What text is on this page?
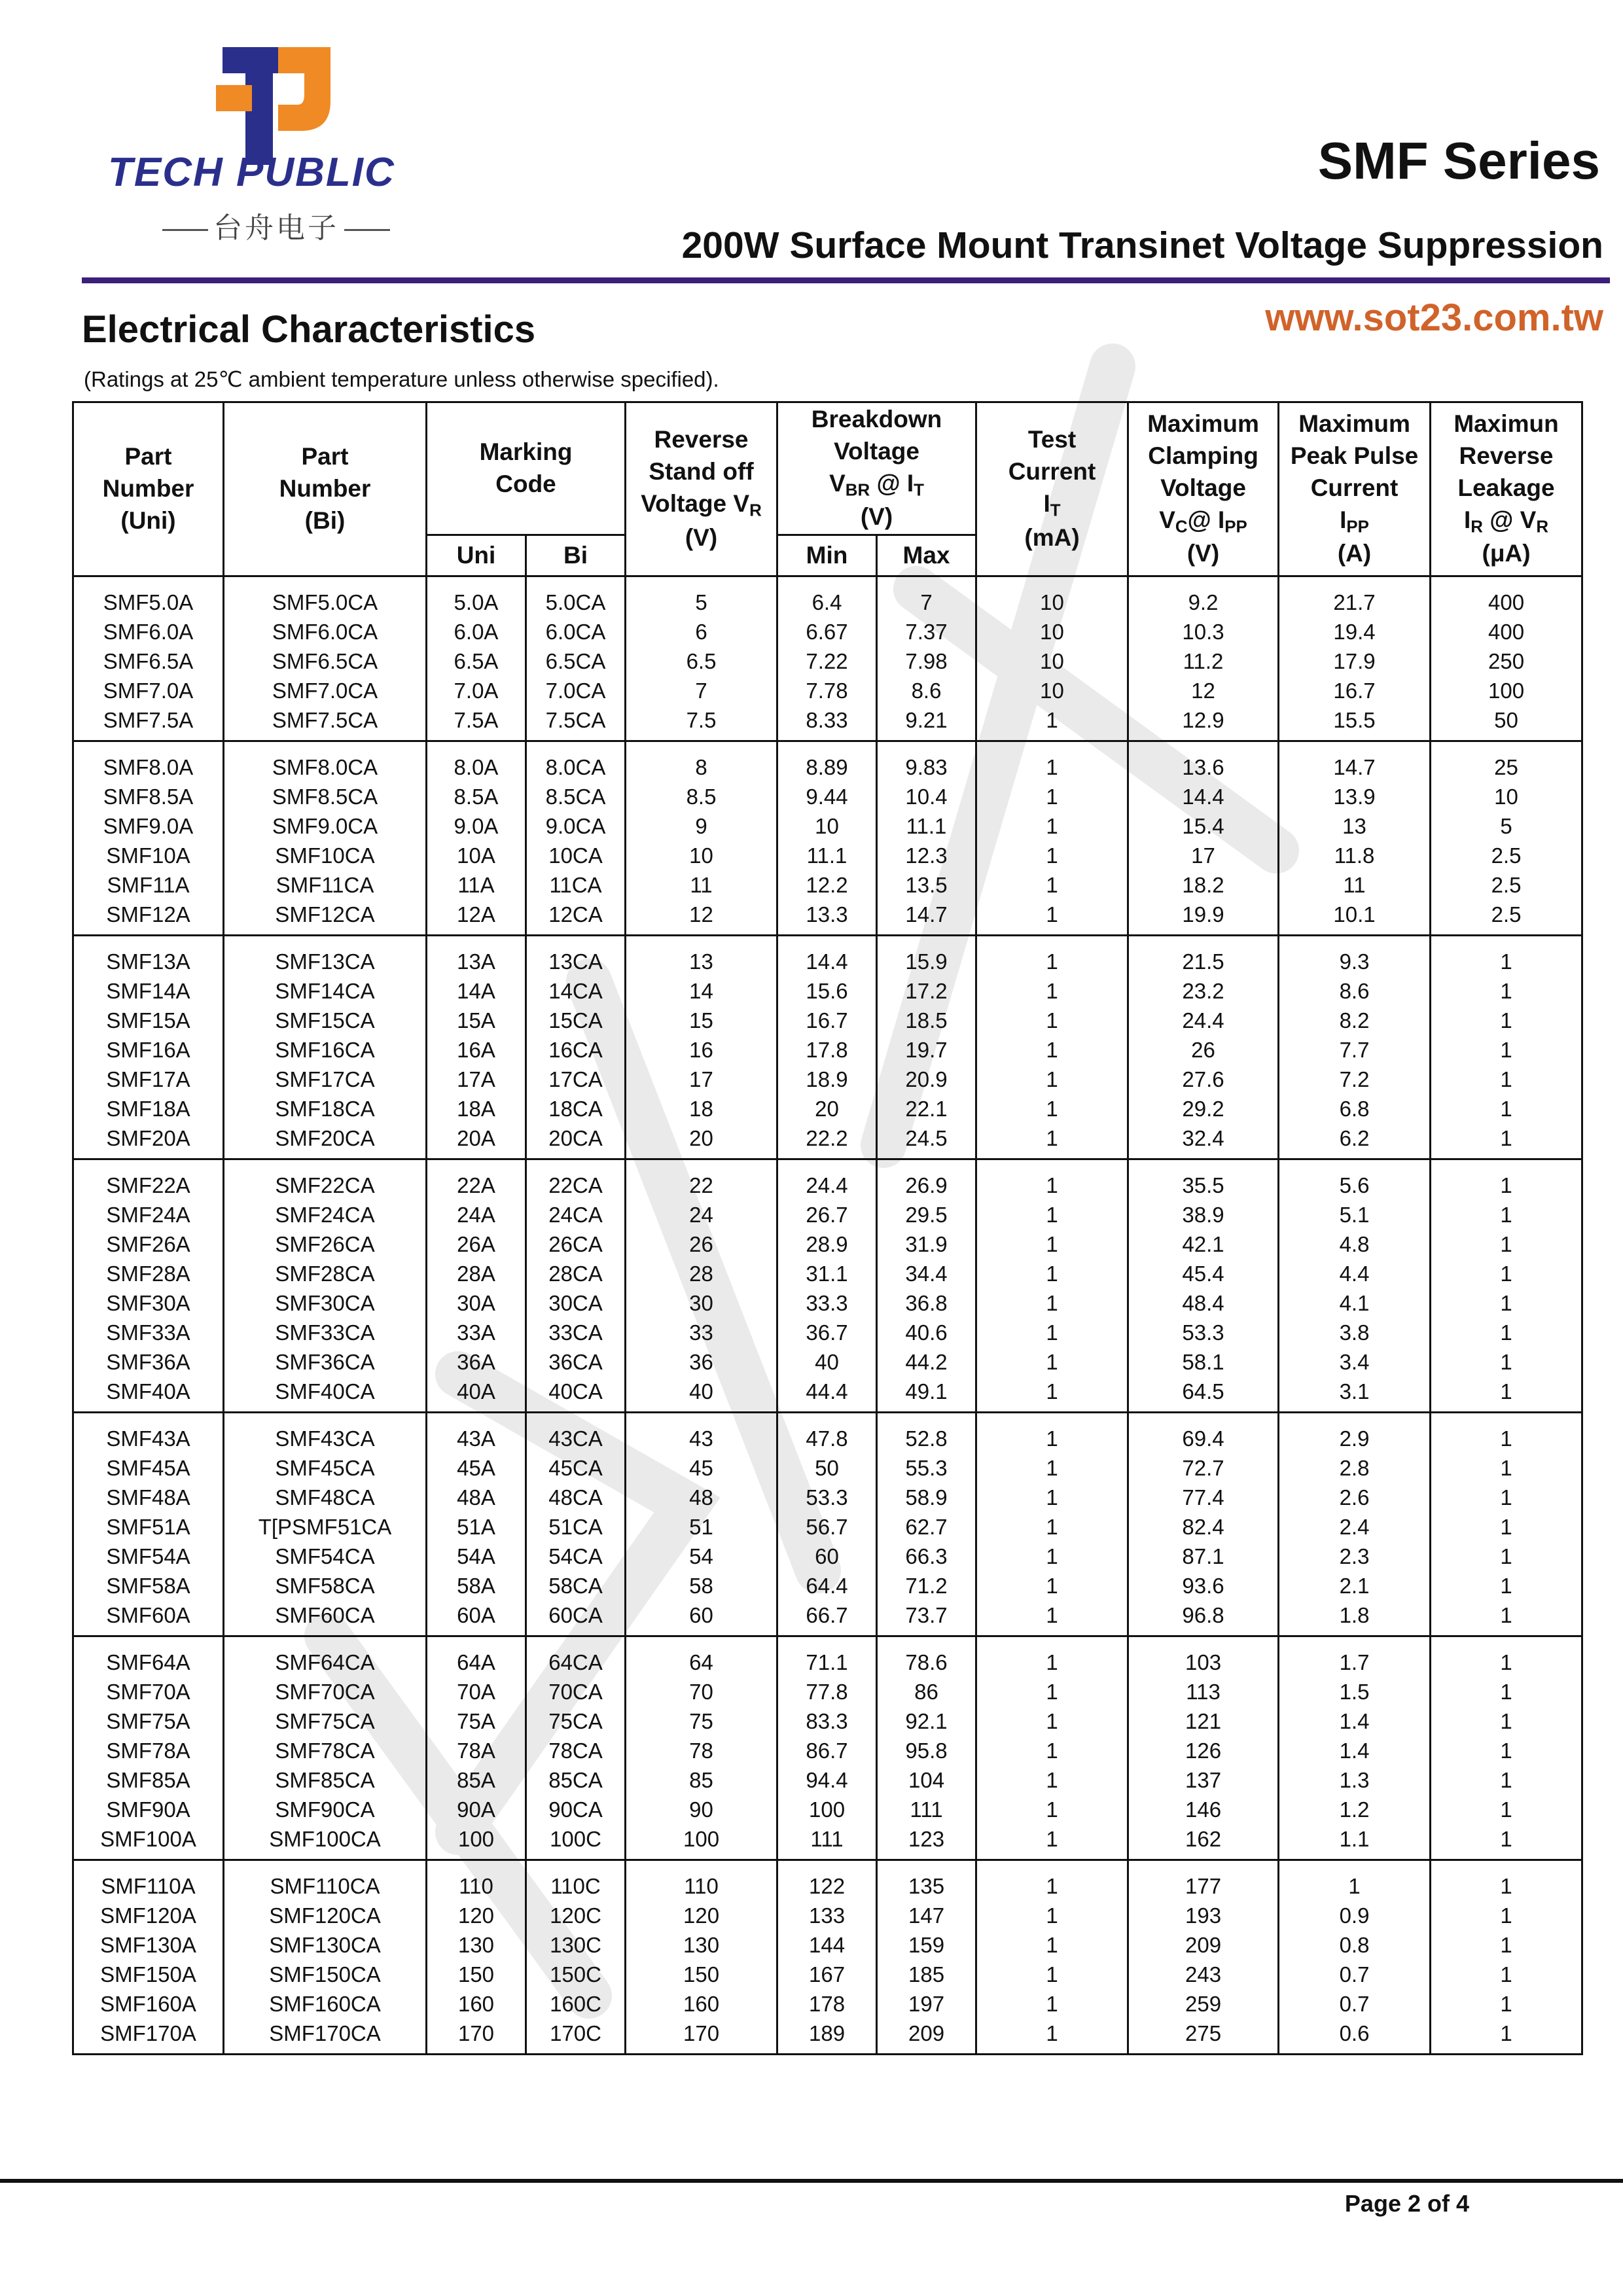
TECH PUBLIC
台舟电子
SMF Series
200W Surface Mount Transinet Voltage Suppression
Electrical Characteristics	www.sot23.com.tw
(Ratings at 25℃ ambient temperature unless otherwise specified).
Part
Number
(Uni)	Part
Number
(Bi)	Marking
Code		Reverse
Stand off
Voltage $V_R$
(V)	Breakdown
Voltage
$V_{BR}$ @ $I_T$
(V)		Test
Current
$I_T$
(mA)	Maximum
Clamping
Voltage
$V_C@$ $I_{PP}$
(V)	Maximum
Peak Pulse
Current
$I_{PP}$
(A)	Maximun
Reverse
Leakage
$I_R$ @ $V_R$
(μA)
		Uni	Bi		Min	Max				
SMF5.0A	SMF5.0CA	5.0A	5.0CA	5	6.4	7	10	9.2	21.7	400
SMF6.0A	SMF6.0CA	6.0A	6.0CA	6	6.67	7.37	10	10.3	19.4	400
SMF6.5A	SMF6.5CA	6.5A	6.5CA	6.5	7.22	7.98	10	11.2	17.9	250
SMF7.0A	SMF7.0CA	7.0A	7.0CA	7	7.78	8.6	10	12	16.7	100
SMF7.5A	SMF7.5CA	7.5A	7.5CA	7.5	8.33	9.21	1	12.9	15.5	50
SMF8.0A	SMF8.0CA	8.0A	8.0CA	8	8.89	9.83	1	13.6	14.7	25
SMF8.5A	SMF8.5CA	8.5A	8.5CA	8.5	9.44	10.4	1	14.4	13.9	10
SMF9.0A	SMF9.0CA	9.0A	9.0CA	9	10	11.1	1	15.4	13	5
SMF10A	SMF10CA	10A	10CA	10	11.1	12.3	1	17	11.8	2.5
SMF11A	SMF11CA	11A	11CA	11	12.2	13.5	1	18.2	11	2.5
SMF12A	SMF12CA	12A	12CA	12	13.3	14.7	1	19.9	10.1	2.5
SMF13A	SMF13CA	13A	13CA	13	14.4	15.9	1	21.5	9.3	1
SMF14A	SMF14CA	14A	14CA	14	15.6	17.2	1	23.2	8.6	1
SMF15A	SMF15CA	15A	15CA	15	16.7	18.5	1	24.4	8.2	1
SMF16A	SMF16CA	16A	16CA	16	17.8	19.7	1	26	7.7	1
SMF17A	SMF17CA	17A	17CA	17	18.9	20.9	1	27.6	7.2	1
SMF18A	SMF18CA	18A	18CA	18	20	22.1	1	29.2	6.8	1
SMF20A	SMF20CA	20A	20CA	20	22.2	24.5	1	32.4	6.2	1
SMF22A	SMF22CA	22A	22CA	22	24.4	26.9	1	35.5	5.6	1
SMF24A	SMF24CA	24A	24CA	24	26.7	29.5	1	38.9	5.1	1
SMF26A	SMF26CA	26A	26CA	26	28.9	31.9	1	42.1	4.8	1
SMF28A	SMF28CA	28A	28CA	28	31.1	34.4	1	45.4	4.4	1
SMF30A	SMF30CA	30A	30CA	30	33.3	36.8	1	48.4	4.1	1
SMF33A	SMF33CA	33A	33CA	33	36.7	40.6	1	53.3	3.8	1
SMF36A	SMF36CA	36A	36CA	36	40	44.2	1	58.1	3.4	1
SMF40A	SMF40CA	40A	40CA	40	44.4	49.1	1	64.5	3.1	1
SMF43A	SMF43CA	43A	43CA	43	47.8	52.8	1	69.4	2.9	1
SMF45A	SMF45CA	45A	45CA	45	50	55.3	1	72.7	2.8	1
SMF48A	SMF48CA	48A	48CA	48	53.3	58.9	1	77.4	2.6	1
SMF51A	T[PSMF51CA	51A	51CA	51	56.7	62.7	1	82.4	2.4	1
SMF54A	SMF54CA	54A	54CA	54	60	66.3	1	87.1	2.3	1
SMF58A	SMF58CA	58A	58CA	58	64.4	71.2	1	93.6	2.1	1
SMF60A	SMF60CA	60A	60CA	60	66.7	73.7	1	96.8	1.8	1
SMF64A	SMF64CA	64A	64CA	64	71.1	78.6	1	103	1.7	1
SMF70A	SMF70CA	70A	70CA	70	77.8	86	1	113	1.5	1
SMF75A	SMF75CA	75A	75CA	75	83.3	92.1	1	121	1.4	1
SMF78A	SMF78CA	78A	78CA	78	86.7	95.8	1	126	1.4	1
SMF85A	SMF85CA	85A	85CA	85	94.4	104	1	137	1.3	1
SMF90A	SMF90CA	90A	90CA	90	100	111	1	146	1.2	1
SMF100A	SMF100CA	100	100C	100	111	123	1	162	1.1	1
SMF110A	SMF110CA	110	110C	110	122	135	1	177	1	1
SMF120A	SMF120CA	120	120C	120	133	147	1	193	0.9	1
SMF130A	SMF130CA	130	130C	130	144	159	1	209	0.8	1
SMF150A	SMF150CA	150	150C	150	167	185	1	243	0.7	1
SMF160A	SMF160CA	160	160C	160	178	197	1	259	0.7	1
SMF170A	SMF170CA	170	170C	170	189	209	1	275	0.6	1
Page 2 of 4
